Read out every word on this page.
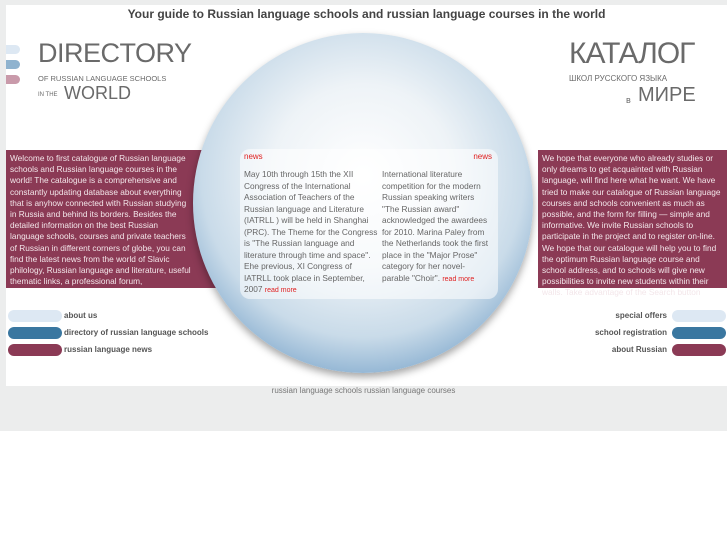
DIRECTORY
OF RUSSIAN LANGUAGE SCHOOLS
IN THE WORLD
КАТАЛОГ
ШКОЛ РУССКОГО ЯЗЫКА
в МИРЕ
We hope that everyone who already studies or only dreams to get acquainted with Russian language, will find here what he want. We have tried to make our catalogue of Russian language courses and schools convenient as much as possible, and the form for filling — simple and informative. We invite Russian schools to participate in the project and to register on-line. We hope that our catalogue will help you to find the optimum Russian language course and school address, and to schools will give new possibilities to invite new students within their walls. Take advantage of the Search button
Welcome to first catalogue of Russian language schools and Russian language courses in the world! The catalogue is a comprehensive and constantly updating database about everything that is anyhow connected with Russian studying in Russia and behind its borders. Besides the detailed information on the best Russian language schools, courses and private teachers of Russian in different corners of globe, you can find the latest news from the world of Slavic philology, Russian language and literature, useful thematic links, a professional forum,
news
May 10th through 15th the XII Congress of the International Association of Teachers of the Russian language and Literature (IATRLL ) will be held in Shanghai (PRC). The Theme for the Congress is "The Russian language and literature through time and space". Ehe previous, XI Congress of IATRLL took place in September, 2007 read more
news
International literature competition for the modern Russian speaking writers "The Russian award" acknowledged the awardees for 2010. Marina Paley from the Netherlands took the first place in the "Major Prose" category for her novel-parable "Choir". read more
about us
directory of russian language schools
russian language news
special offers
school registration
about Russian
Your guide to Russian language schools and russian language courses in the world
russian language schools russian language courses
